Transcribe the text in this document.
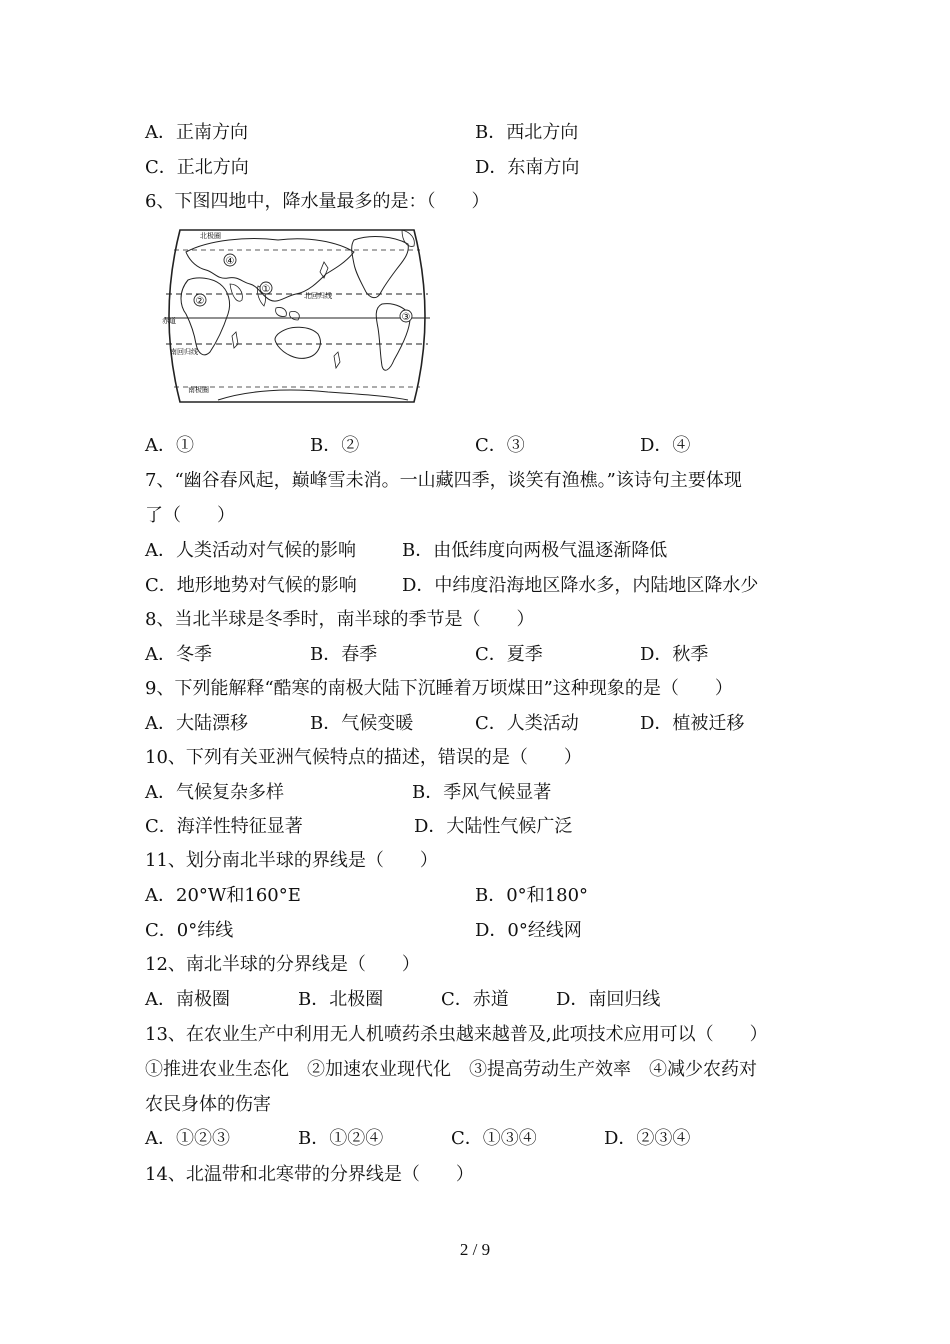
A．正南方向	B．西北方向
C．正北方向	D．东南方向
6、下图四地中，降水量最多的是：（　　）
④
①
②
③
北极圈
北回归线
赤道
南回归线
南极圈
A．①	B．②	C．③	D．④
7、“幽谷春风起，巅峰雪未消。一山藏四季，谈笑有渔樵。”该诗句主要体现
了（　　）
A．人类活动对气候的影响	B．由低纬度向两极气温逐渐降低
C．地形地势对气候的影响	D．中纬度沿海地区降水多，内陆地区降水少
8、当北半球是冬季时，南半球的季节是（　　）
A．冬季	B．春季	C．夏季	D．秋季
9、下列能解释“酷寒的南极大陆下沉睡着万顷煤田”这种现象的是（　　）
A．大陆漂移	B．气候变暖	C．人类活动	D．植被迁移
10、下列有关亚洲气候特点的描述，错误的是（　　）
A．气候复杂多样	B．季风气候显著
C．海洋性特征显著	D．大陆性气候广泛
11、划分南北半球的界线是（　　）
A．20°W和160°E	B．0°和180°
C．0°纬线	D．0°经线网
12、南北半球的分界线是（　　）
A．南极圈	B．北极圈	C．赤道	D．南回归线
13、在农业生产中利用无人机喷药杀虫越来越普及,此项技术应用可以（　　）
①推进农业生态化　②加速农业现代化　③提高劳动生产效率　④减少农药对
农民身体的伤害
A．①②③	B．①②④	C．①③④	D．②③④
14、北温带和北寒带的分界线是（　　）
2 / 9
